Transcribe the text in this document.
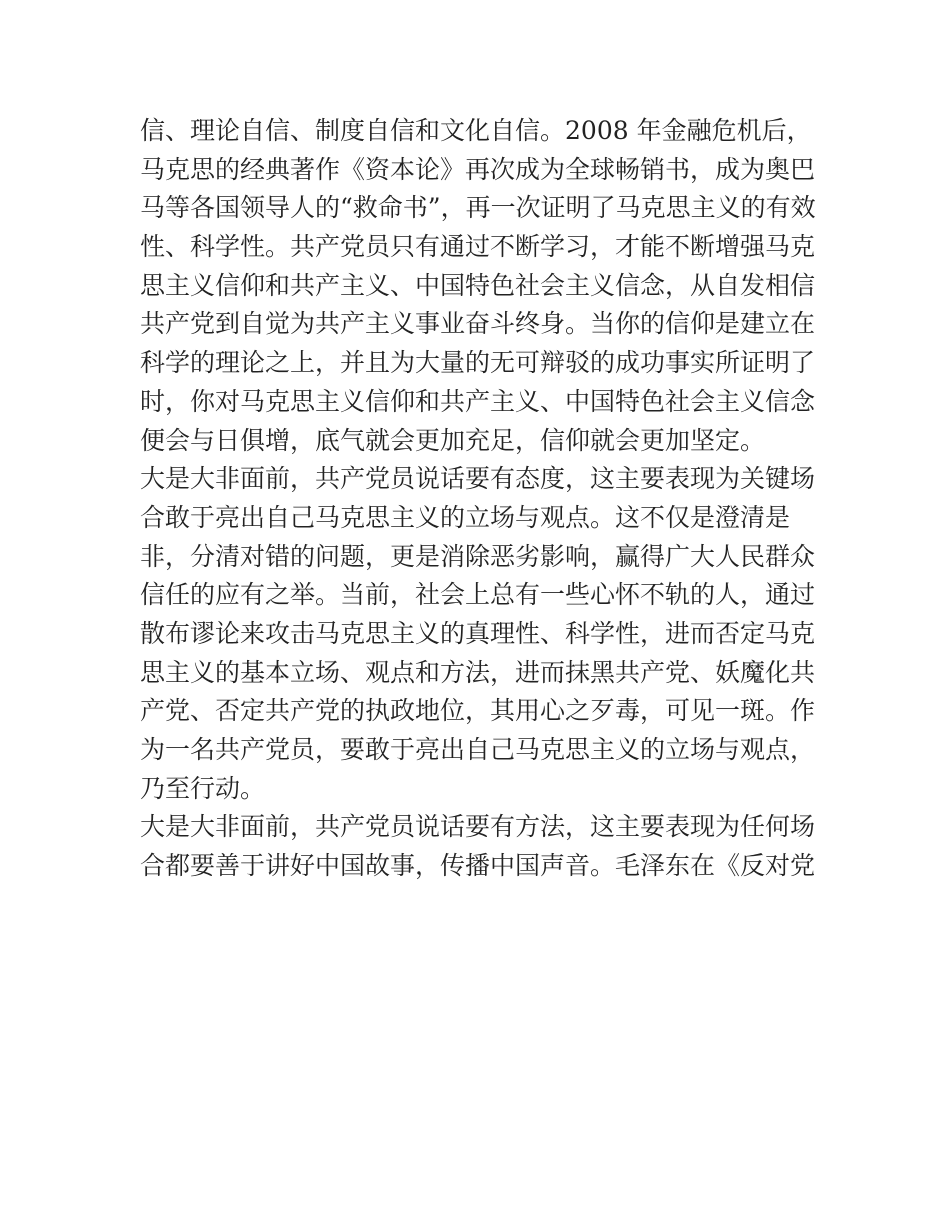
信、理论自信、制度自信和文化自信。2008 年金融危机后，
马克思的经典著作《资本论》再次成为全球畅销书，成为奥巴
马等各国领导人的“救命书”，再一次证明了马克思主义的有效
性、科学性。共产党员只有通过不断学习，才能不断增强马克
思主义信仰和共产主义、中国特色社会主义信念，从自发相信
共产党到自觉为共产主义事业奋斗终身。当你的信仰是建立在
科学的理论之上，并且为大量的无可辩驳的成功事实所证明了
时，你对马克思主义信仰和共产主义、中国特色社会主义信念
便会与日俱增，底气就会更加充足，信仰就会更加坚定。
大是大非面前，共产党员说话要有态度，这主要表现为关键场
合敢于亮出自己马克思主义的立场与观点。这不仅是澄清是
非，分清对错的问题，更是消除恶劣影响，赢得广大人民群众
信任的应有之举。当前，社会上总有一些心怀不轨的人，通过
散布谬论来攻击马克思主义的真理性、科学性，进而否定马克
思主义的基本立场、观点和方法，进而抹黑共产党、妖魔化共
产党、否定共产党的执政地位，其用心之歹毒，可见一斑。作
为一名共产党员，要敢于亮出自己马克思主义的立场与观点，
乃至行动。
大是大非面前，共产党员说话要有方法，这主要表现为任何场
合都要善于讲好中国故事，传播中国声音。毛泽东在《反对党
